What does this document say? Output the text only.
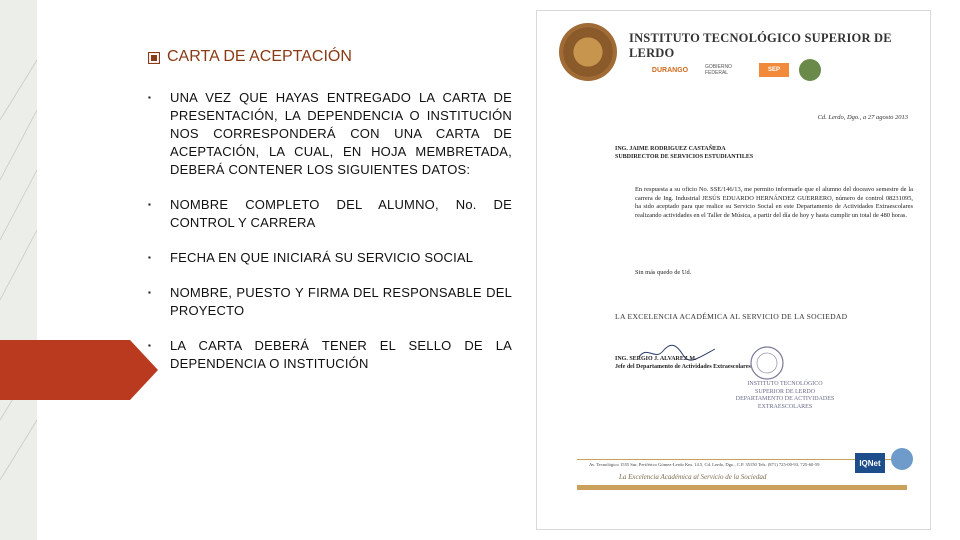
CARTA DE ACEPTACIÓN
▪	UNA VEZ QUE HAYAS ENTREGADO LA CARTA DE PRESENTACIÓN, LA DEPENDENCIA O INSTITUCIÓN NOS CORRESPONDERÁ CON UNA CARTA DE ACEPTACIÓN, LA CUAL, EN HOJA MEMBRETADA, DEBERÁ CONTENER LOS SIGUIENTES DATOS:
▪	NOMBRE COMPLETO DEL ALUMNO, No. DE CONTROL Y CARRERA
▪	FECHA EN QUE INICIARÁ SU SERVICIO SOCIAL
▪	NOMBRE, PUESTO Y FIRMA DEL RESPONSABLE DEL PROYECTO
▪	LA CARTA DEBERÁ TENER EL SELLO DE LA DEPENDENCIA O INSTITUCIÓN
INSTITUTO TECNOLÓGICO SUPERIOR DE LERDO
DURANGO	GOBIERNO FEDERAL	SEP
Cd. Lerdo, Dgo., a 27 agosto 2013
ING. JAIME RODRIGUEZ CASTAÑEDA
SUBDIRECTOR DE SERVICIOS ESTUDIANTILES
En respuesta a su oficio No. SSE/146/13, me permito informarle que el alumno del doceavo semestre de la carrera de Ing. Industrial JESÚS EDUARDO HERNÁNDEZ GUERRERO, número de control 08231095, ha sido aceptado para que realice su Servicio Social en este Departamento de Actividades Extraescolares realizando actividades en el Taller de Música, a partir del día de hoy y hasta cumplir un total de 480 horas.
Sin más quedo de Ud.
LA EXCELENCIA ACADÉMICA AL SERVICIO DE LA SOCIEDAD
ING. SERGIO J. ALVAREZ M.
Jefe del Departamento de Actividades Extraescolares
INSTITUTO TECNOLÓGICO SUPERIOR DE LERDO DEPARTAMENTO DE ACTIVIDADES EXTRAESCOLARES
Av. Tecnológico 1555 Sur, Periférico Gómez-Lerdo Km. 14.5, Cd. Lerdo, Dgo., C.P. 35150 Tels. (871) 725-00-93, 725-60-59
La Excelencia Académica al Servicio de la Sociedad
IQNet
